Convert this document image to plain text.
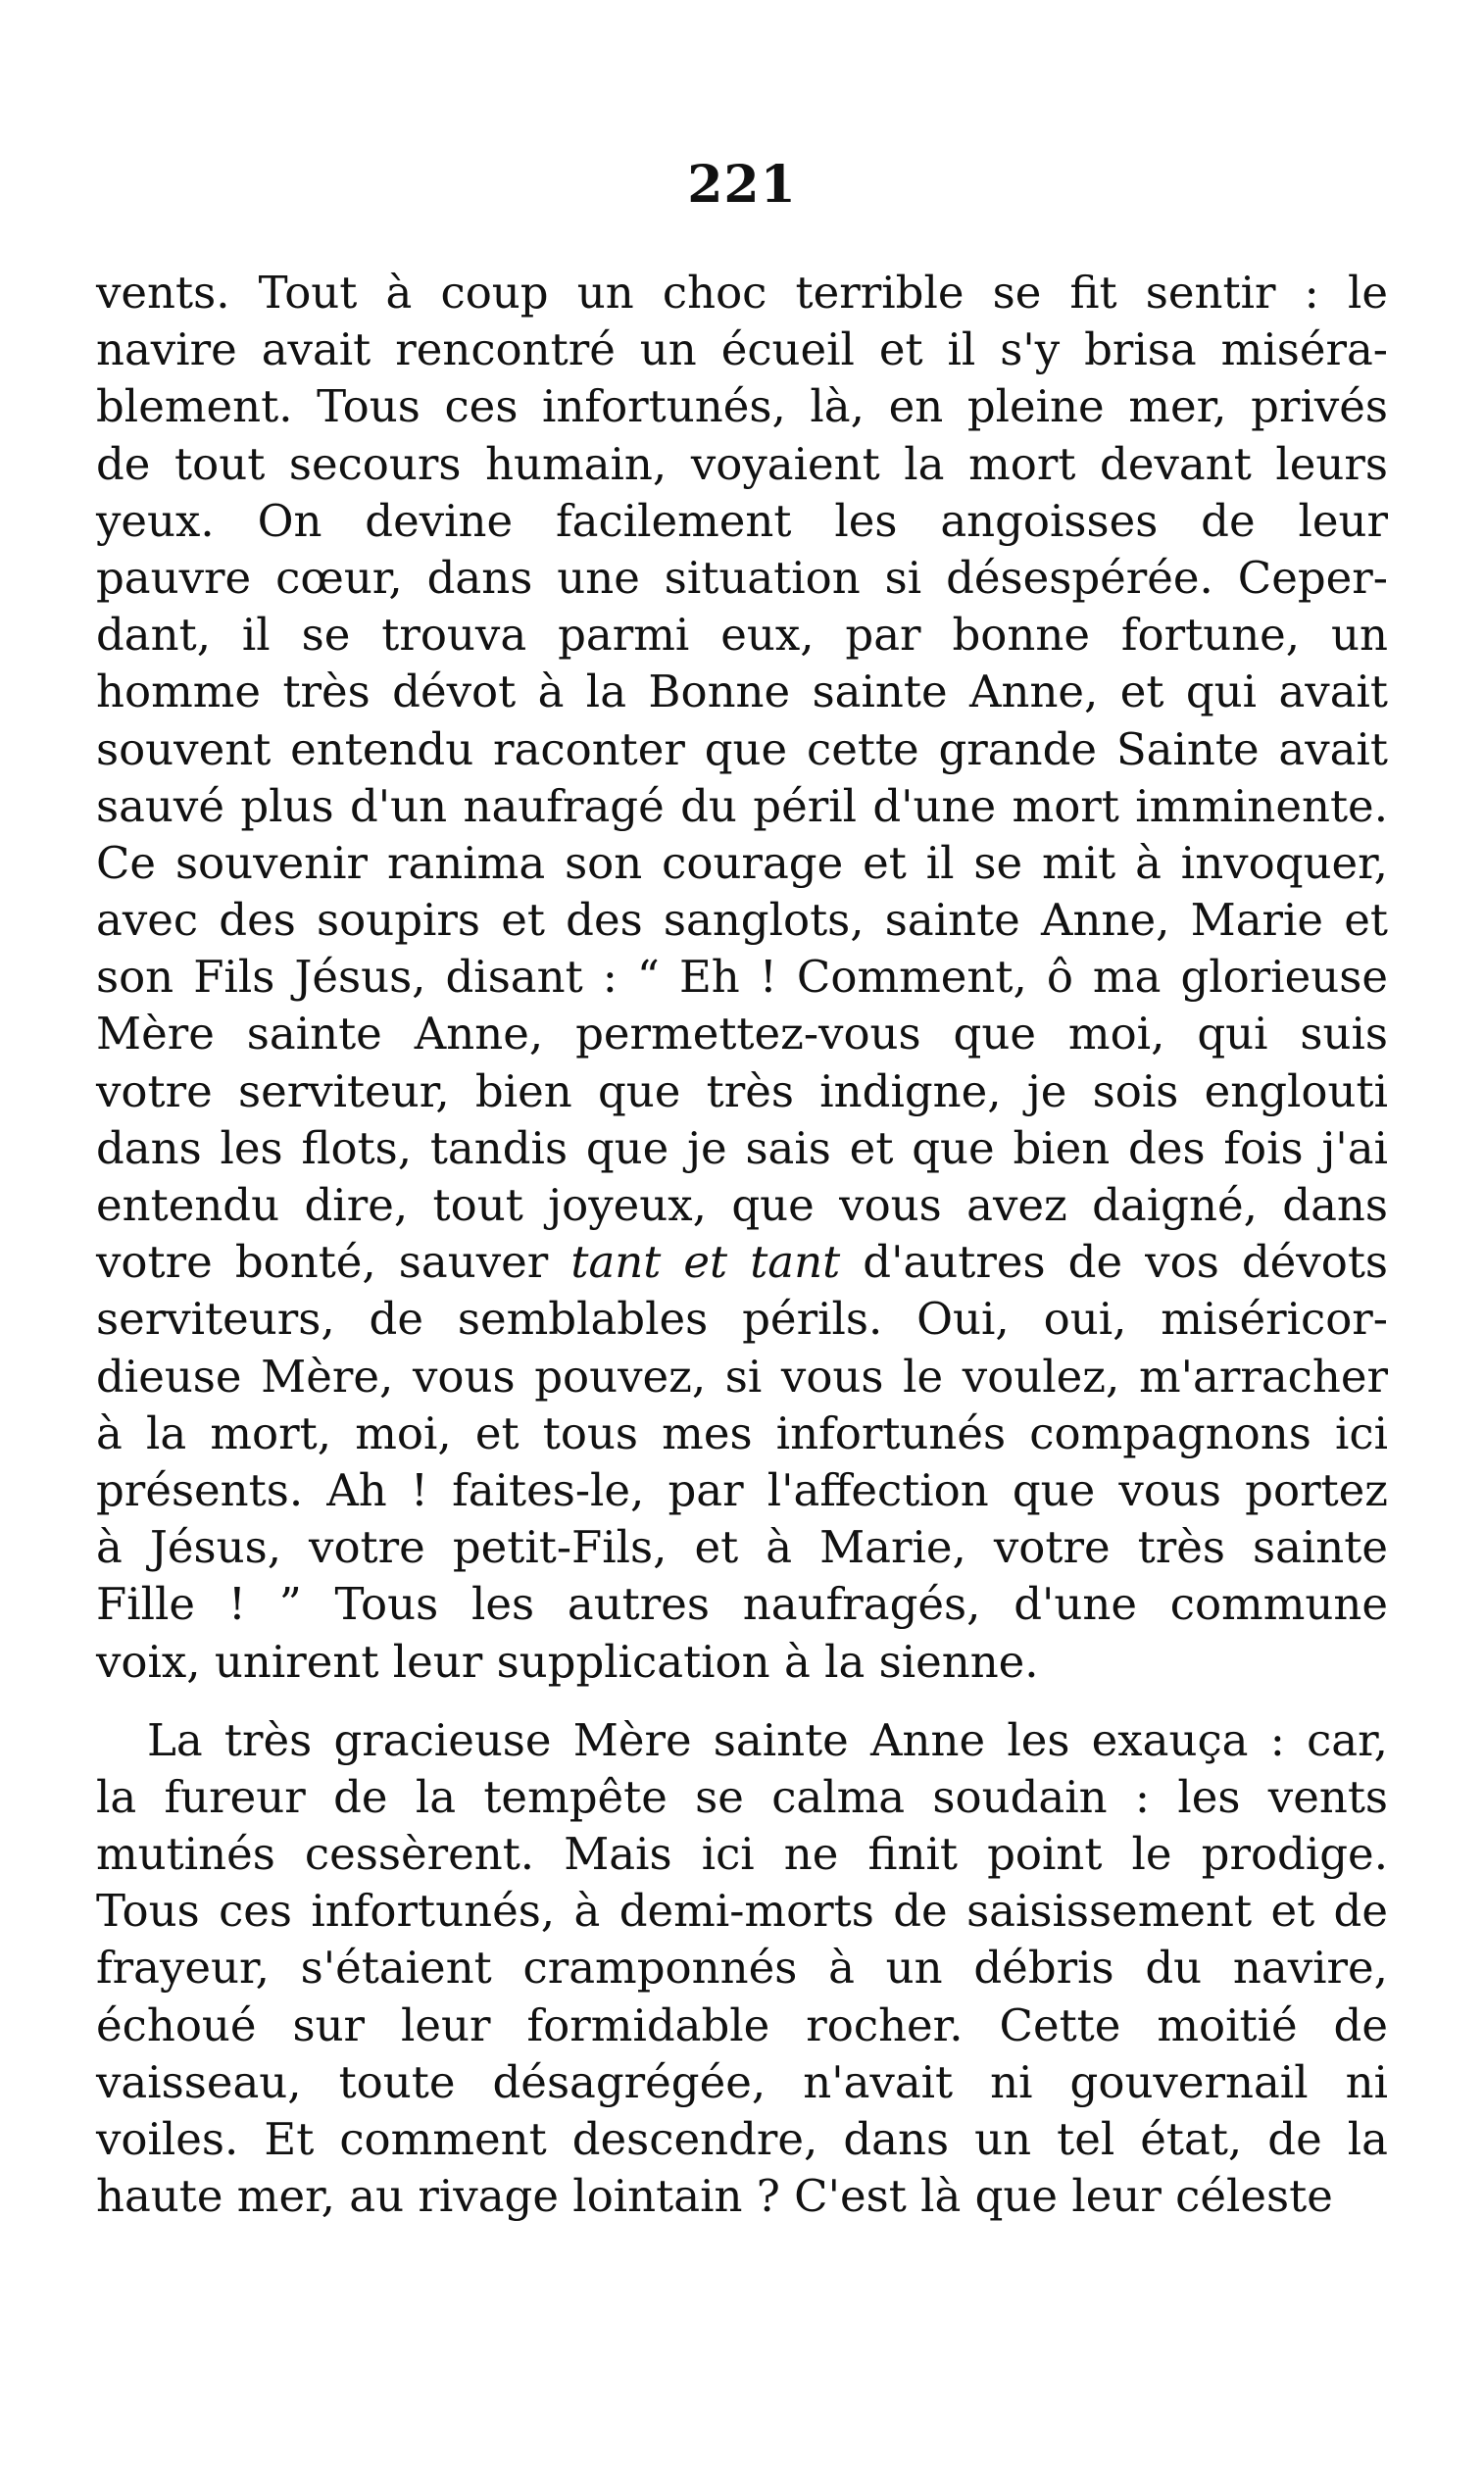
221
vents. Tout à coup un choc terrible se fit sentir : le
navire avait rencontré un écueil et il s'y brisa misérа-
blement. Tous ces infortunés, là, en pleine mer, privés
de tout secours humain, voyaient la mort devant leurs
yeux. On devine facilement les angoisses de leur
pauvre cœur, dans une situation si désespérée. Ceper-
dant, il se trouva parmi eux, par bonne fortune, un
homme très dévot à la Bonne sainte Anne, et qui avait
souvent entendu raconter que cette grande Sainte avait
sauvé plus d'un naufragé du péril d'une mort imminente.
Ce souvenir ranima son courage et il se mit à invoquer,
avec des soupirs et des sanglots, sainte Anne, Marie et
son Fils Jésus, disant : “ Eh ! Comment, ô ma glorieuse
Mère sainte Anne, permettez-vous que moi, qui suis
votre serviteur, bien que très indigne, je sois englouti
dans les flots, tandis que je sais et que bien des fois j'ai
entendu dire, tout joyeux, que vous avez daigné, dans
votre bonté, sauver tant et tant d'autres de vos dévots
serviteurs, de semblables périls. Oui, oui, miséricor-
dieuse Mère, vous pouvez, si vous le voulez, m'arracher
à la mort, moi, et tous mes infortunés compagnons ici
présents. Ah ! faites-le, par l'affection que vous portez
à Jésus, votre petit-Fils, et à Marie, votre très sainte
Fille ! ” Tous les autres naufragés, d'une commune
voix, unirent leur supplication à la sienne.
La très gracieuse Mère sainte Anne les exauça : car,
la fureur de la tempête se calma soudain : les vents
mutinés cessèrent. Mais ici ne finit point le prodige.
Tous ces infortunés, à demi-morts de saisissement et de
frayeur, s'étaient cramponnés à un débris du navire,
échoué sur leur formidable rocher. Cette moitié de
vaisseau, toute désagrégée, n'avait ni gouvernail ni
voiles. Et comment descendre, dans un tel état, de la
haute mer, au rivage lointain ? C'est là que leur céleste
